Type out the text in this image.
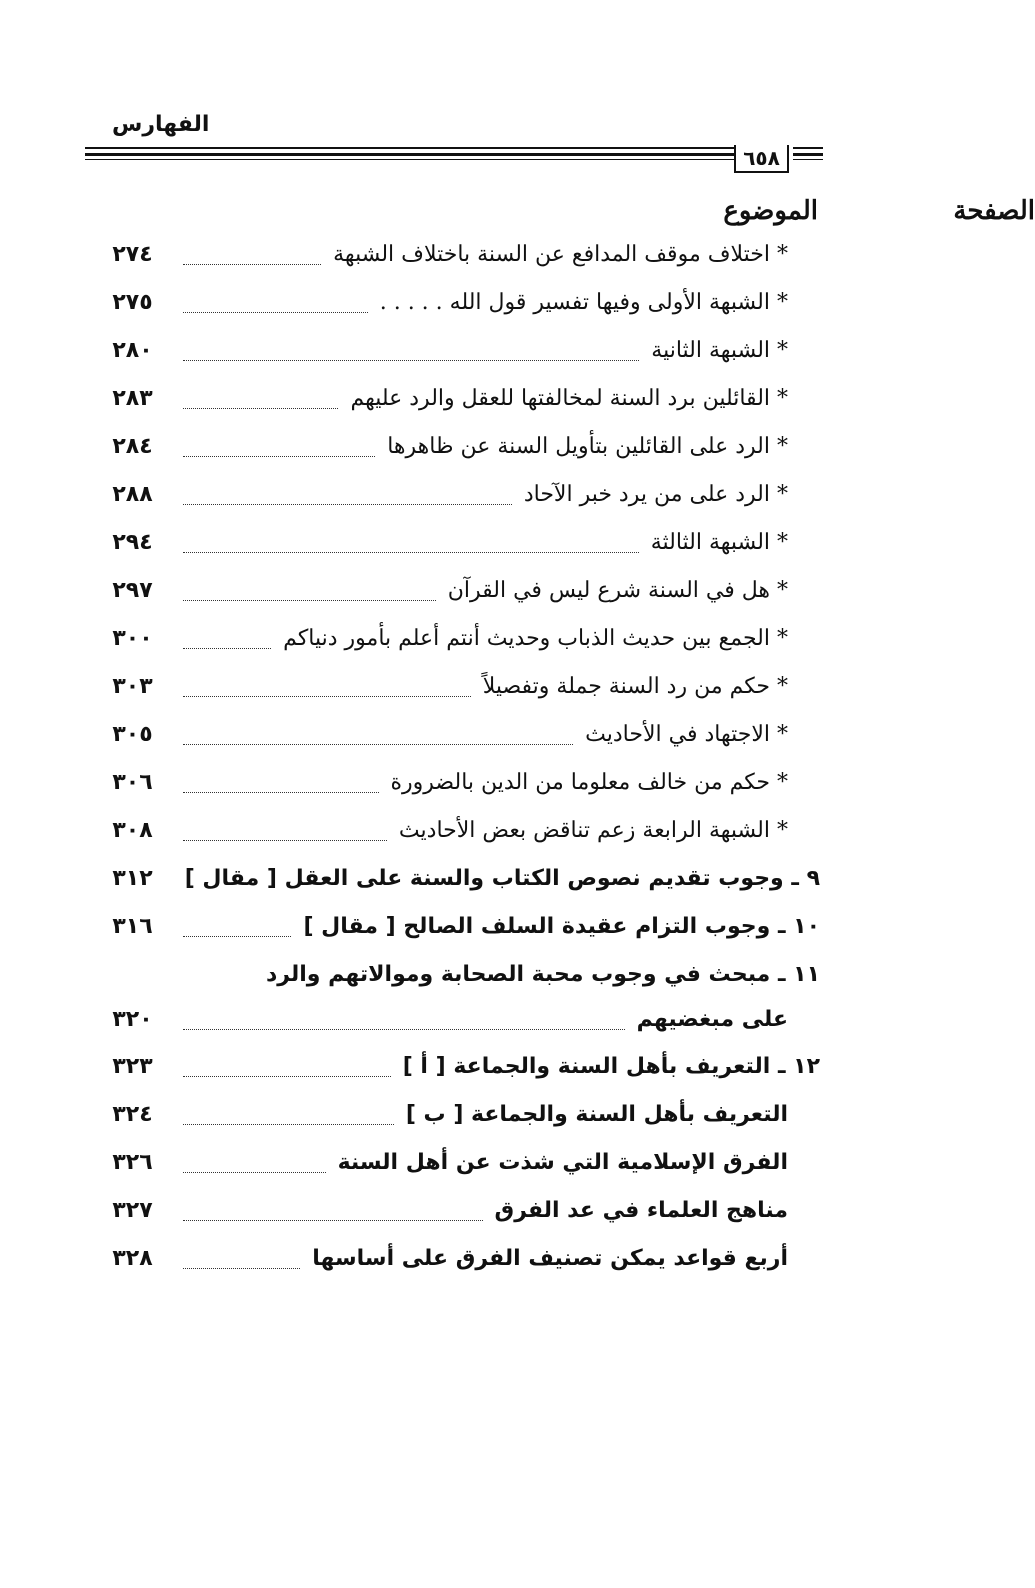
الفهارس
٦٥٨
الموضوع	الصفحة
* اختلاف موقف المدافع عن السنة باختلاف الشبهة
٢٧٤
* الشبهة الأولى وفيها تفسير قول الله . . . . .
٢٧٥
* الشبهة الثانية
٢٨٠
* القائلين برد السنة لمخالفتها للعقل والرد عليهم
٢٨٣
* الرد على القائلين بتأويل السنة عن ظاهرها
٢٨٤
* الرد على من يرد خبر الآحاد
٢٨٨
* الشبهة الثالثة
٢٩٤
* هل في السنة شرع ليس في القرآن
٢٩٧
* الجمع بين حديث الذباب وحديث أنتم أعلم بأمور دنياكم
٣٠٠
* حكم من رد السنة جملة وتفصيلاً
٣٠٣
* الاجتهاد في الأحاديث
٣٠٥
* حكم من خالف معلوما من الدين بالضرورة
٣٠٦
* الشبهة الرابعة زعم تناقض بعض الأحاديث
٣٠٨
٩ ـ وجوب تقديم نصوص الكتاب والسنة على العقل [ مقال ]
٣١٢
١٠ ـ وجوب التزام عقيدة السلف الصالح [ مقال ]
٣١٦
١١ ـ مبحث في وجوب محبة الصحابة وموالاتهم والرد
على مبغضيهم
٣٢٠
١٢ ـ التعريف بأهل السنة والجماعة [ أ ]
٣٢٣
التعريف بأهل السنة والجماعة [ ب ]
٣٢٤
الفرق الإسلامية التي شذت عن أهل السنة
٣٢٦
مناهج العلماء في عد الفرق
٣٢٧
أربع قواعد يمكن تصنيف الفرق على أساسها
٣٢٨
